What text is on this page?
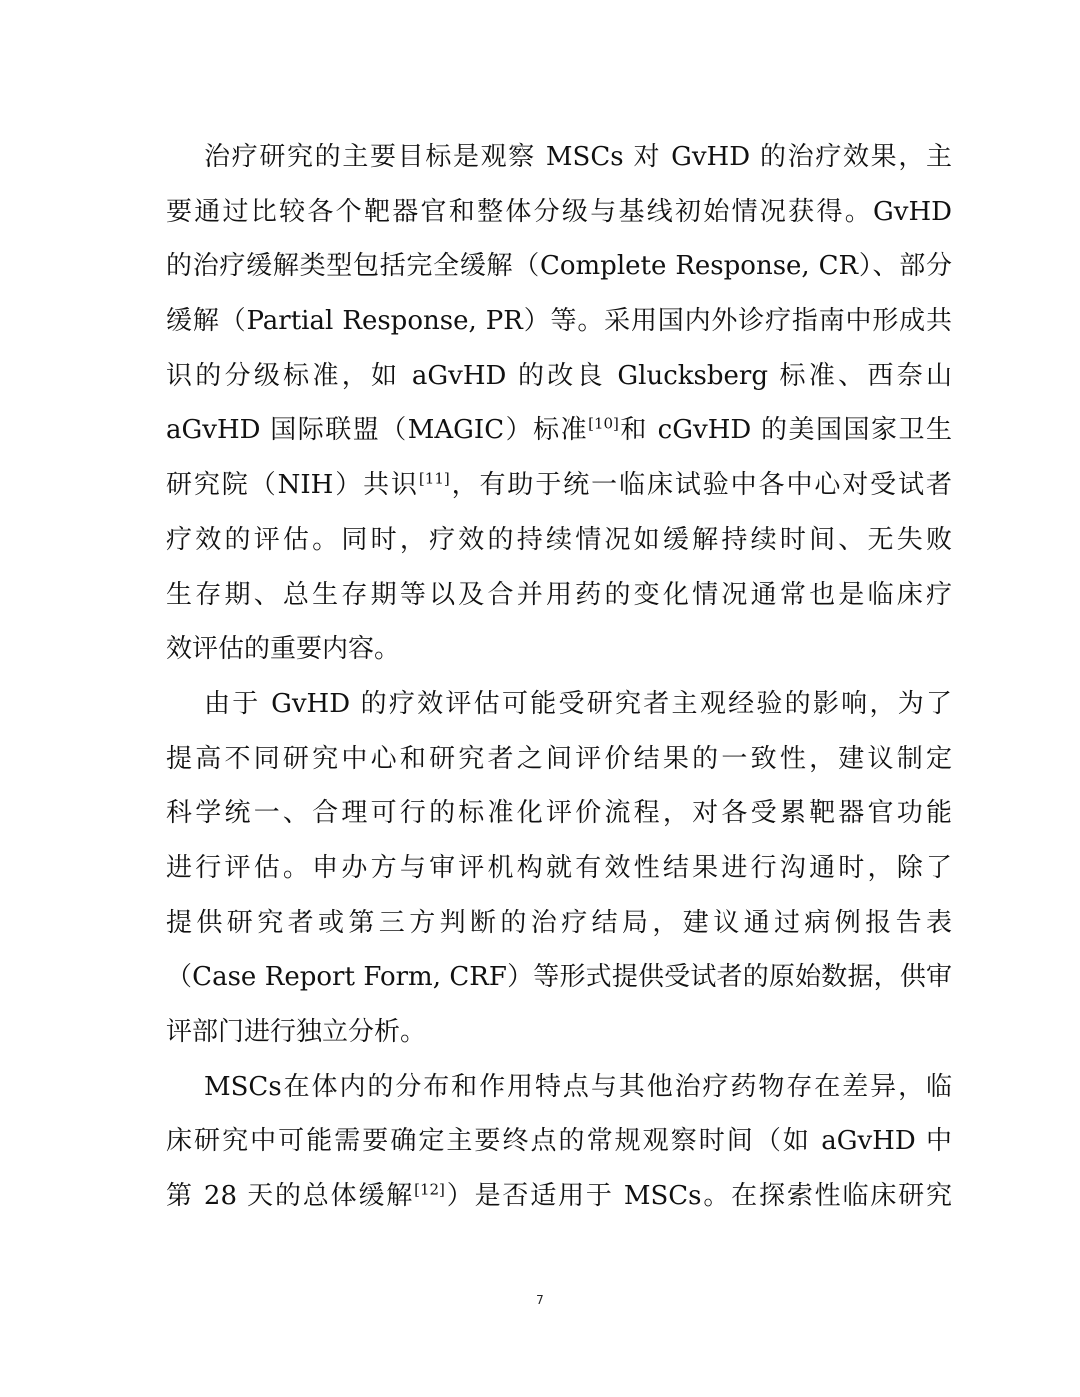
治疗研究的主要目标是观察 MSCs 对 GvHD 的治疗效果，主
要通过比较各个靶器官和整体分级与基线初始情况获得。GvHD
的治疗缓解类型包括完全缓解（Complete Response, CR）、部分
缓解（Partial Response, PR）等。采用国内外诊疗指南中形成共
识的分级标准，如 aGvHD 的改良 Glucksberg 标准、西奈山
aGvHD 国际联盟（MAGIC）标准[10]和 cGvHD 的美国国家卫生
研究院（NIH）共识[11]，有助于统一临床试验中各中心对受试者
疗效的评估。同时，疗效的持续情况如缓解持续时间、无失败
生存期、总生存期等以及合并用药的变化情况通常也是临床疗
效评估的重要内容。
由于 GvHD 的疗效评估可能受研究者主观经验的影响，为了
提高不同研究中心和研究者之间评价结果的一致性，建议制定
科学统一、合理可行的标准化评价流程，对各受累靶器官功能
进行评估。申办方与审评机构就有效性结果进行沟通时，除了
提供研究者或第三方判断的治疗结局，建议通过病例报告表
（Case Report Form, CRF）等形式提供受试者的原始数据，供审
评部门进行独立分析。
MSCs在体内的分布和作用特点与其他治疗药物存在差异，临
床研究中可能需要确定主要终点的常规观察时间（如 aGvHD 中
第 28 天的总体缓解[12]）是否适用于 MSCs。在探索性临床研究
7
